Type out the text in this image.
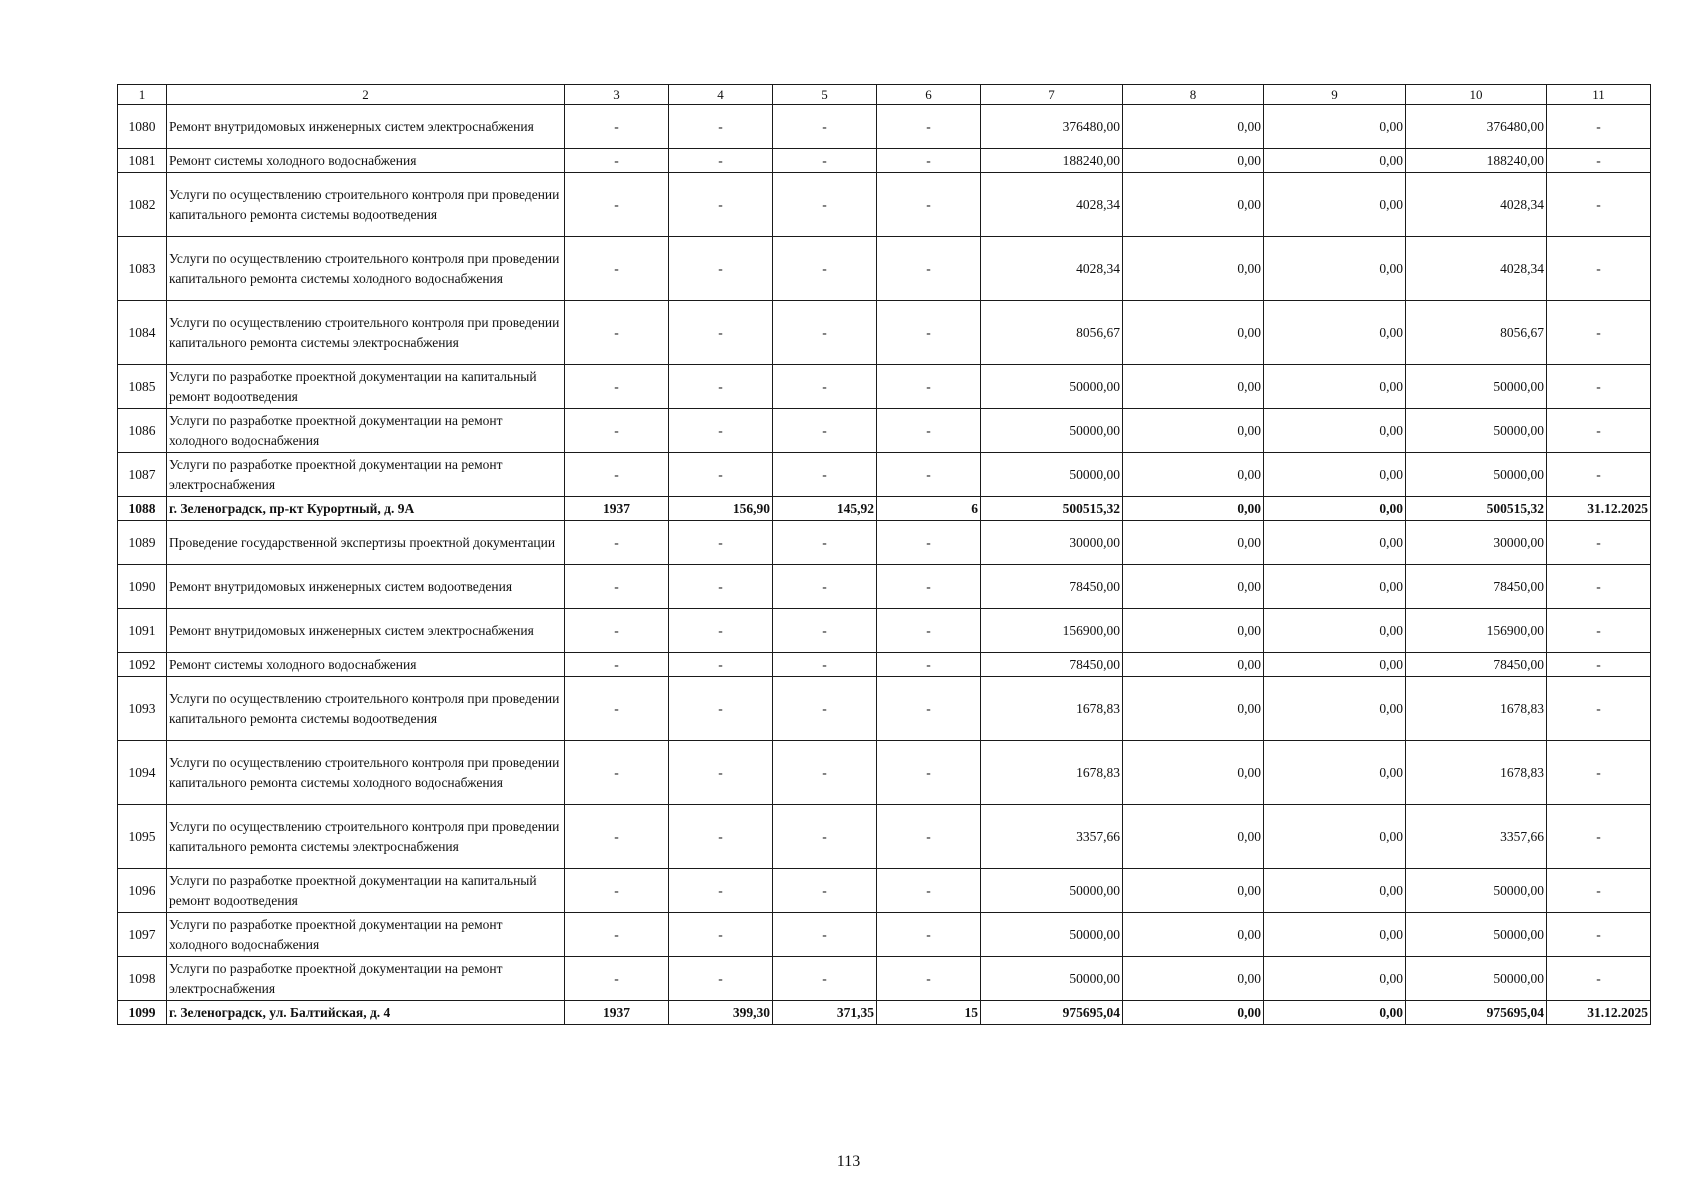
1	2	3	4	5	6	7	8	9	10	11
1080	Ремонт внутридомовых инженерных систем электроснабжения	-	-	-	-	376480,00	0,00	0,00	376480,00	-
1081	Ремонт системы холодного водоснабжения	-	-	-	-	188240,00	0,00	0,00	188240,00	-
1082	Услуги по осуществлению строительного контроля при проведении капитального ремонта системы водоотведения	-	-	-	-	4028,34	0,00	0,00	4028,34	-
1083	Услуги по осуществлению строительного контроля при проведении капитального ремонта системы холодного водоснабжения	-	-	-	-	4028,34	0,00	0,00	4028,34	-
1084	Услуги по осуществлению строительного контроля при проведении капитального ремонта системы электроснабжения	-	-	-	-	8056,67	0,00	0,00	8056,67	-
1085	Услуги по разработке проектной документации на капитальный ремонт водоотведения	-	-	-	-	50000,00	0,00	0,00	50000,00	-
1086	Услуги по разработке проектной документации на ремонт холодного водоснабжения	-	-	-	-	50000,00	0,00	0,00	50000,00	-
1087	Услуги по разработке проектной документации на ремонт электроснабжения	-	-	-	-	50000,00	0,00	0,00	50000,00	-
1088	г. Зеленоградск, пр-кт Курортный, д. 9А	1937	156,90	145,92	6	500515,32	0,00	0,00	500515,32	31.12.2025
1089	Проведение государственной экспертизы проектной документации	-	-	-	-	30000,00	0,00	0,00	30000,00	-
1090	Ремонт внутридомовых инженерных систем водоотведения	-	-	-	-	78450,00	0,00	0,00	78450,00	-
1091	Ремонт внутридомовых инженерных систем электроснабжения	-	-	-	-	156900,00	0,00	0,00	156900,00	-
1092	Ремонт системы холодного водоснабжения	-	-	-	-	78450,00	0,00	0,00	78450,00	-
1093	Услуги по осуществлению строительного контроля при проведении капитального ремонта системы водоотведения	-	-	-	-	1678,83	0,00	0,00	1678,83	-
1094	Услуги по осуществлению строительного контроля при проведении капитального ремонта системы холодного водоснабжения	-	-	-	-	1678,83	0,00	0,00	1678,83	-
1095	Услуги по осуществлению строительного контроля при проведении капитального ремонта системы электроснабжения	-	-	-	-	3357,66	0,00	0,00	3357,66	-
1096	Услуги по разработке проектной документации на капитальный ремонт водоотведения	-	-	-	-	50000,00	0,00	0,00	50000,00	-
1097	Услуги по разработке проектной документации на ремонт холодного водоснабжения	-	-	-	-	50000,00	0,00	0,00	50000,00	-
1098	Услуги по разработке проектной документации на ремонт электроснабжения	-	-	-	-	50000,00	0,00	0,00	50000,00	-
1099	г. Зеленоградск, ул. Балтийская, д. 4	1937	399,30	371,35	15	975695,04	0,00	0,00	975695,04	31.12.2025
113
